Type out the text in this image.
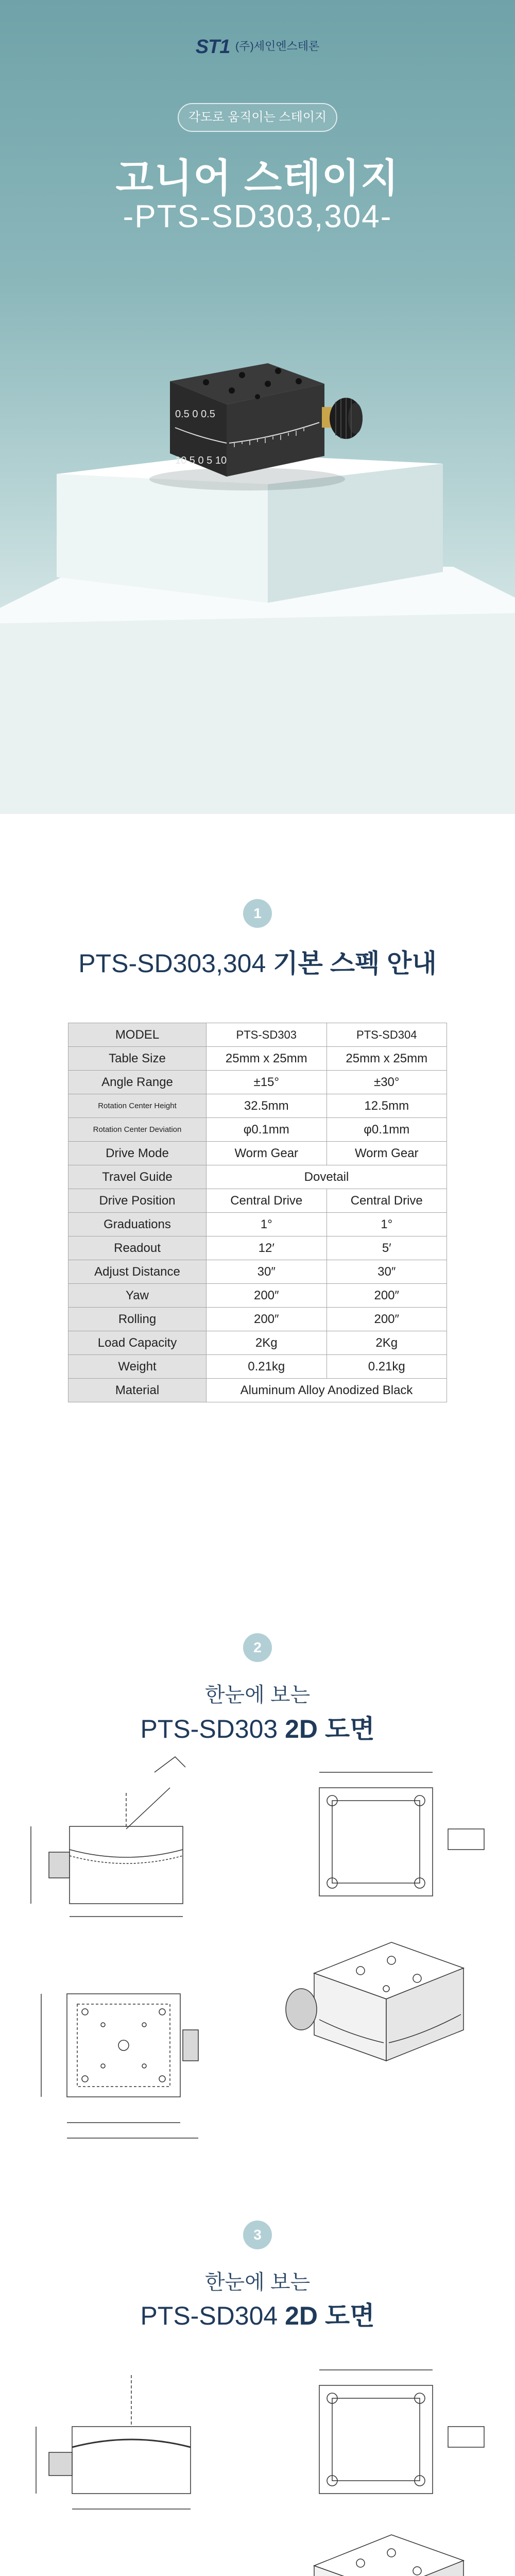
0.5 0 0.5
10 5 0 5 10
ST1 (주)세인엔스테론
각도로 움직이는 스테이지
고니어 스테이지
-PTS-SD303,304-
1
PTS-SD303,304 기본 스펙 안내
MODEL	PTS-SD303	PTS-SD304
Table Size	25mm x 25mm	25mm x 25mm
Angle Range	±15°	±30°
Rotation Center Height	32.5mm	12.5mm
Rotation Center Deviation	φ0.1mm	φ0.1mm
Drive Mode	Worm Gear	Worm Gear
Travel Guide	Dovetail	
Drive Position	Central Drive	Central Drive
Graduations	1°	1°
Readout	12′	5′
Adjust Distance	30″	30″
Yaw	200″	200″
Rolling	200″	200″
Load Capacity	2Kg	2Kg
Weight	0.21kg	0.21kg
Material	Aluminum Alloy Anodized Black	
2
한눈에 보는
PTS-SD303 2D 도면
3
한눈에 보는
PTS-SD304 2D 도면
